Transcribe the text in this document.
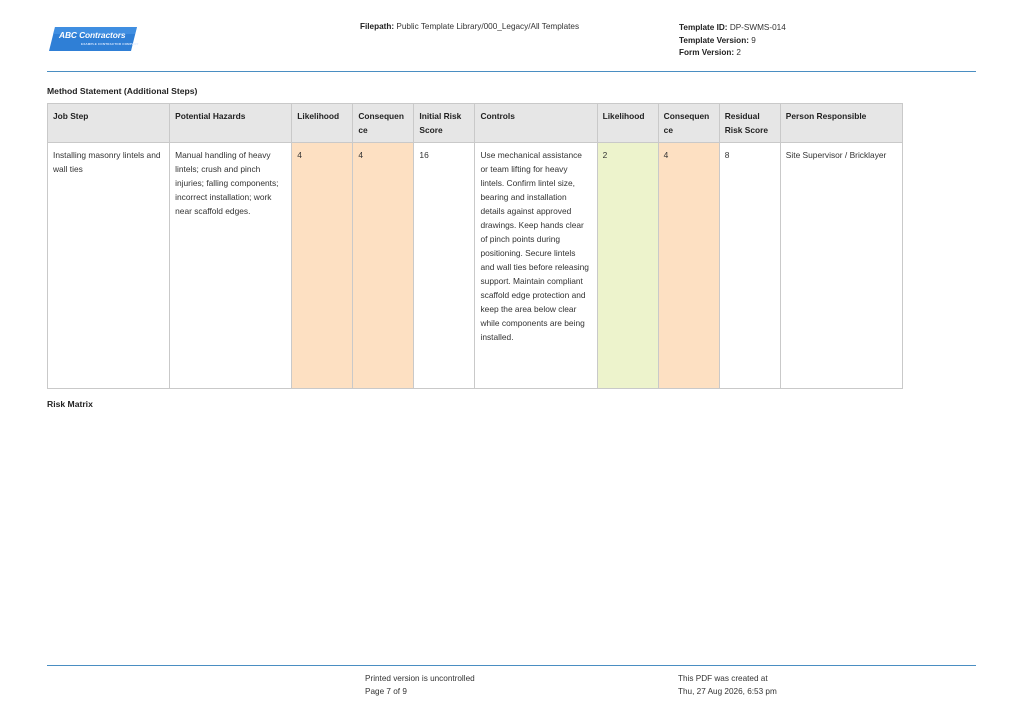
ABC Contractors
EXAMPLE CONTRACTOR COMPANY
Filepath: Public Template Library/000_Legacy/All Templates	Template ID: DP-SWMS-014
Template Version: 9
Form Version: 2
Method Statement (Additional Steps)
Job Step	Potential Hazards	Likelihood	Consequen ce	Initial Risk Score	Controls	Likelihood	Consequen ce	Residual Risk Score	Person Responsible
Installing masonry lintels and wall ties	Manual handling of heavy lintels; crush and pinch injuries; falling components; incorrect installation; work near scaffold edges.	4	4	16	Use mechanical assistance or team lifting for heavy lintels. Confirm lintel size, bearing and installation details against approved drawings. Keep hands clear of pinch points during positioning. Secure lintels and wall ties before releasing support. Maintain compliant scaffold edge protection and keep the area below clear while components are being installed.	2	4	8	Site Supervisor / Bricklayer
Risk Matrix
Printed version is uncontrolled
Page 7 of 9
This PDF was created at
Thu, 27 Aug 2026, 6:53 pm
